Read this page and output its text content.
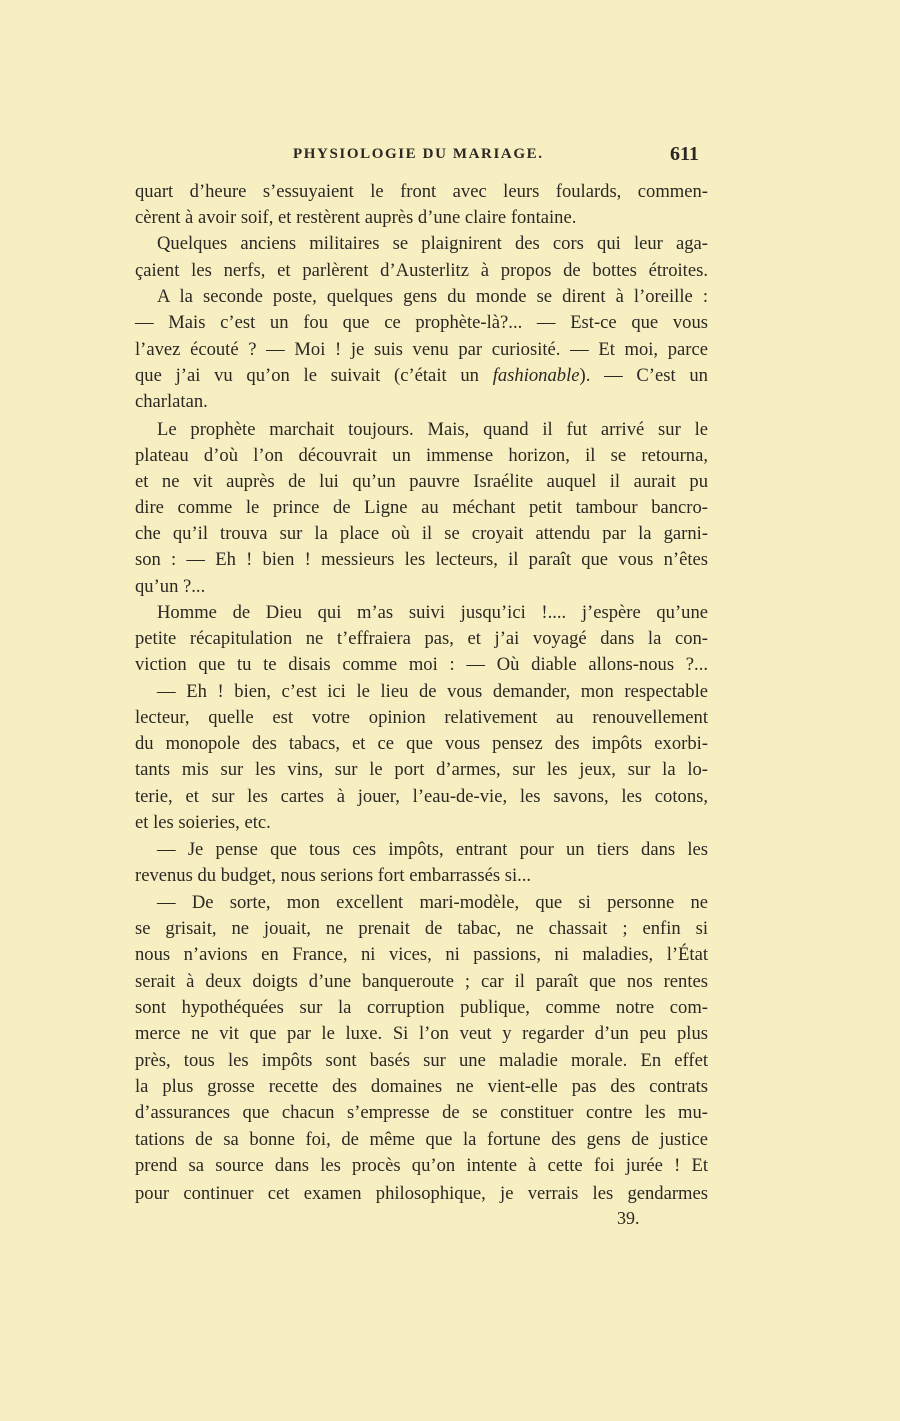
PHYSIOLOGIE DU MARIAGE.	611
quart d’heure s’essuyaient le front avec leurs foulards, commen-
cèrent à avoir soif, et restèrent auprès d’une claire fontaine.
Quelques anciens militaires se plaignirent des cors qui leur aga-
çaient les nerfs, et parlèrent d’Austerlitz à propos de bottes étroites.
A la seconde poste, quelques gens du monde se dirent à l’oreille :
— Mais c’est un fou que ce prophète-là?... — Est-ce que vous
l’avez écouté ? — Moi ! je suis venu par curiosité. — Et moi, parce
que j’ai vu qu’on le suivait (c’était un fashionable). — C’est un
charlatan.
Le prophète marchait toujours. Mais, quand il fut arrivé sur le
plateau d’où l’on découvrait un immense horizon, il se retourna,
et ne vit auprès de lui qu’un pauvre Israélite auquel il aurait pu
dire comme le prince de Ligne au méchant petit tambour bancro-
che qu’il trouva sur la place où il se croyait attendu par la garni-
son : — Eh ! bien ! messieurs les lecteurs, il paraît que vous n’êtes
qu’un ?...
Homme de Dieu qui m’as suivi jusqu’ici !.... j’espère qu’une
petite récapitulation ne t’effraiera pas, et j’ai voyagé dans la con-
viction que tu te disais comme moi : — Où diable allons-nous ?...
— Eh ! bien, c’est ici le lieu de vous demander, mon respectable
lecteur, quelle est votre opinion relativement au renouvellement
du monopole des tabacs, et ce que vous pensez des impôts exorbi-
tants mis sur les vins, sur le port d’armes, sur les jeux, sur la lo-
terie, et sur les cartes à jouer, l’eau-de-vie, les savons, les cotons,
et les soieries, etc.
— Je pense que tous ces impôts, entrant pour un tiers dans les
revenus du budget, nous serions fort embarrassés si...
— De sorte, mon excellent mari-modèle, que si personne ne
se grisait, ne jouait, ne prenait de tabac, ne chassait ; enfin si
nous n’avions en France, ni vices, ni passions, ni maladies, l’État
serait à deux doigts d’une banqueroute ; car il paraît que nos rentes
sont hypothéquées sur la corruption publique, comme notre com-
merce ne vit que par le luxe. Si l’on veut y regarder d’un peu plus
près, tous les impôts sont basés sur une maladie morale. En effet
la plus grosse recette des domaines ne vient-elle pas des contrats
d’assurances que chacun s’empresse de se constituer contre les mu-
tations de sa bonne foi, de même que la fortune des gens de justice
prend sa source dans les procès qu’on intente à cette foi jurée ! Et
pour continuer cet examen philosophique, je verrais les gendarmes
39.
